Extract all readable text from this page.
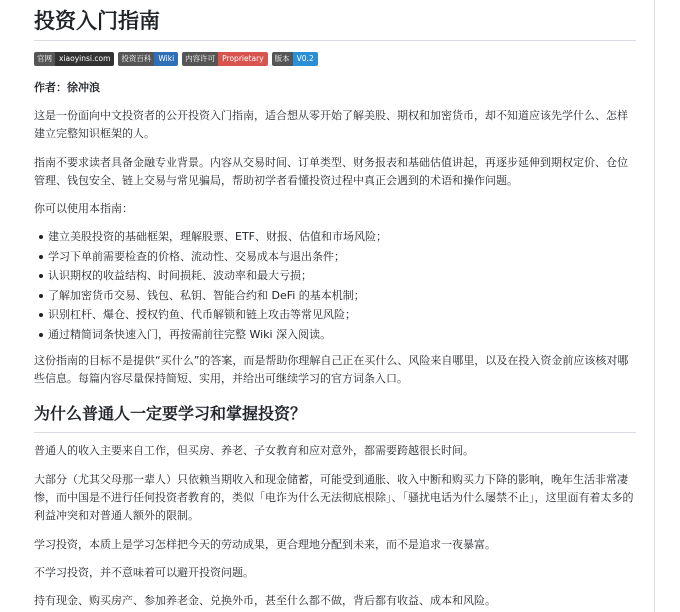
投资入门指南
官网 xiaoyinsi.com	投资百科 Wiki	内容许可 Proprietary	版本 V0.2
作者：徐冲浪

这是一份面向中文投资者的公开投资入门指南，适合想从零开始了解美股、期权和加密货币，却不知道应该先学什么、怎样建立完整知识框架的人。

指南不要求读者具备金融专业背景。内容从交易时间、订单类型、财务报表和基础估值讲起，再逐步延伸到期权定价、仓位管理、钱包安全、链上交易与常见骗局，帮助初学者看懂投资过程中真正会遇到的术语和操作问题。

你可以使用本指南：

建立美股投资的基础框架，理解股票、ETF、财报、估值和市场风险；
学习下单前需要检查的价格、流动性、交易成本与退出条件；
认识期权的收益结构、时间损耗、波动率和最大亏损；
了解加密货币交易、钱包、私钥、智能合约和 DeFi 的基本机制；
识别杠杆、爆仓、授权钓鱼、代币解锁和链上攻击等常见风险；
通过精简词条快速入门，再按需前往完整 Wiki 深入阅读。

这份指南的目标不是提供“买什么”的答案，而是帮助你理解自己正在买什么、风险来自哪里，以及在投入资金前应该核对哪些信息。每篇内容尽量保持简短、实用，并给出可继续学习的官方词条入口。

为什么普通人一定要学习和掌握投资？

普通人的收入主要来自工作，但买房、养老、子女教育和应对意外，都需要跨越很长时间。

大部分（尤其父母那一辈人）只依赖当期收入和现金储蓄，可能受到通胀、收入中断和购买力下降的影响，晚年生活非常凄惨，而中国是不进行任何投资者教育的，类似「电诈为什么无法彻底根除」、「骚扰电话为什么屡禁不止」，这里面有着太多的利益冲突和对普通人额外的限制。

学习投资，本质上是学习怎样把今天的劳动成果，更合理地分配到未来，而不是追求一夜暴富。

不学习投资，并不意味着可以避开投资问题。

持有现金、购买房产、参加养老金、兑换外币，甚至什么都不做，背后都有收益、成本和风险。
